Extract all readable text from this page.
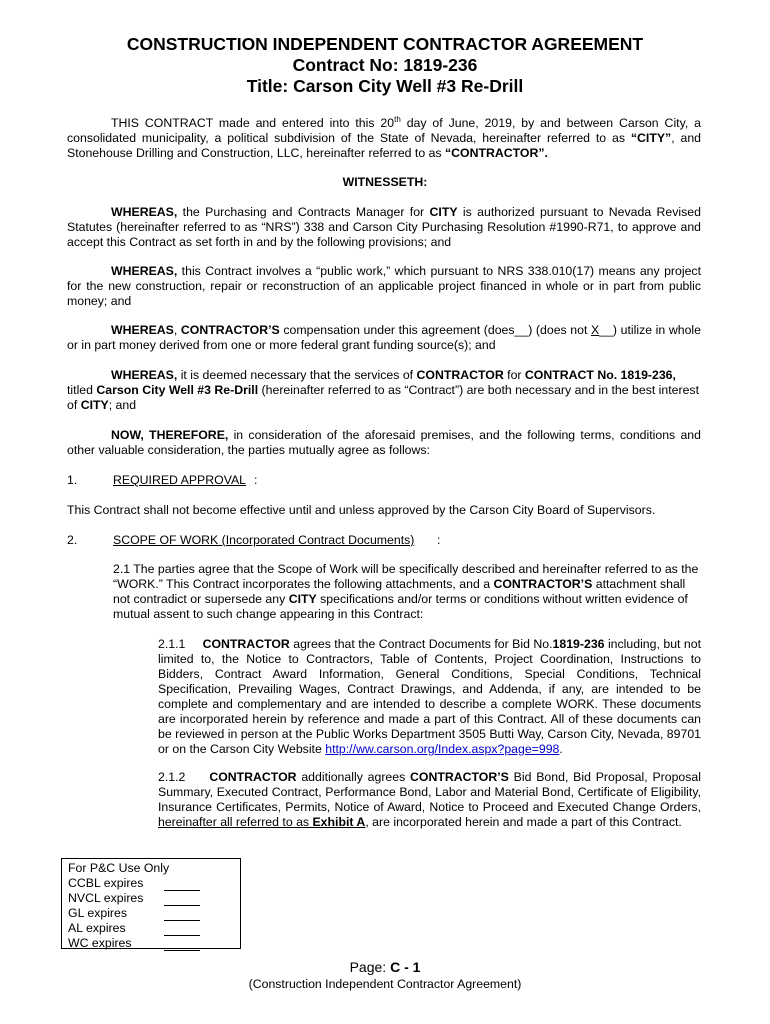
CONSTRUCTION INDEPENDENT CONTRACTOR AGREEMENT
Contract No: 1819-236
Title: Carson City Well #3 Re-Drill
THIS CONTRACT made and entered into this 20th day of June, 2019, by and between Carson City, a consolidated municipality, a political subdivision of the State of Nevada, hereinafter referred to as “CITY”, and Stonehouse Drilling and Construction, LLC, hereinafter referred to as “CONTRACTOR”.
WITNESSETH:
WHEREAS, the Purchasing and Contracts Manager for CITY is authorized pursuant to Nevada Revised Statutes (hereinafter referred to as “NRS”) 338 and Carson City Purchasing Resolution #1990-R71, to approve and accept this Contract as set forth in and by the following provisions; and
WHEREAS, this Contract involves a “public work,” which pursuant to NRS 338.010(17) means any project for the new construction, repair or reconstruction of an applicable project financed in whole or in part from public money; and
WHEREAS, CONTRACTOR’S compensation under this agreement (does__) (does not X__) utilize in whole or in part money derived from one or more federal grant funding source(s); and
WHEREAS, it is deemed necessary that the services of CONTRACTOR for CONTRACT No. 1819-236, titled Carson City Well #3 Re-Drill (hereinafter referred to as “Contract”) are both necessary and in the best interest of CITY; and
NOW, THEREFORE, in consideration of the aforesaid premises, and the following terms, conditions and other valuable consideration, the parties mutually agree as follows:
1.	REQUIRED APPROVAL :
This Contract shall not become effective until and unless approved by the Carson City Board of Supervisors.
2.	SCOPE OF WORK (Incorporated Contract Documents) :
2.1 The parties agree that the Scope of Work will be specifically described and hereinafter referred to as the “WORK.” This Contract incorporates the following attachments, and a CONTRACTOR’S attachment shall not contradict or supersede any CITY specifications and/or terms or conditions without written evidence of mutual assent to such change appearing in this Contract:
2.1.1 CONTRACTOR agrees that the Contract Documents for Bid No.1819-236 including, but not limited to, the Notice to Contractors, Table of Contents, Project Coordination, Instructions to Bidders, Contract Award Information, General Conditions, Special Conditions, Technical Specification, Prevailing Wages, Contract Drawings, and Addenda, if any, are intended to be complete and complementary and are intended to describe a complete WORK. These documents are incorporated herein by reference and made a part of this Contract. All of these documents can be reviewed in person at the Public Works Department 3505 Butti Way, Carson City, Nevada, 89701 or on the Carson City Website http://ww.carson.org/Index.aspx?page=998.
2.1.2 CONTRACTOR additionally agrees CONTRACTOR’S Bid Bond, Bid Proposal, Proposal Summary, Executed Contract, Performance Bond, Labor and Material Bond, Certificate of Eligibility, Insurance Certificates, Permits, Notice of Award, Notice to Proceed and Executed Change Orders, hereinafter all referred to as Exhibit A, are incorporated herein and made a part of this Contract.
For P&C Use Only
CCBL expires
NVCL expires
GL expires
AL expires
WC expires
Page: C - 1
(Construction Independent Contractor Agreement)
